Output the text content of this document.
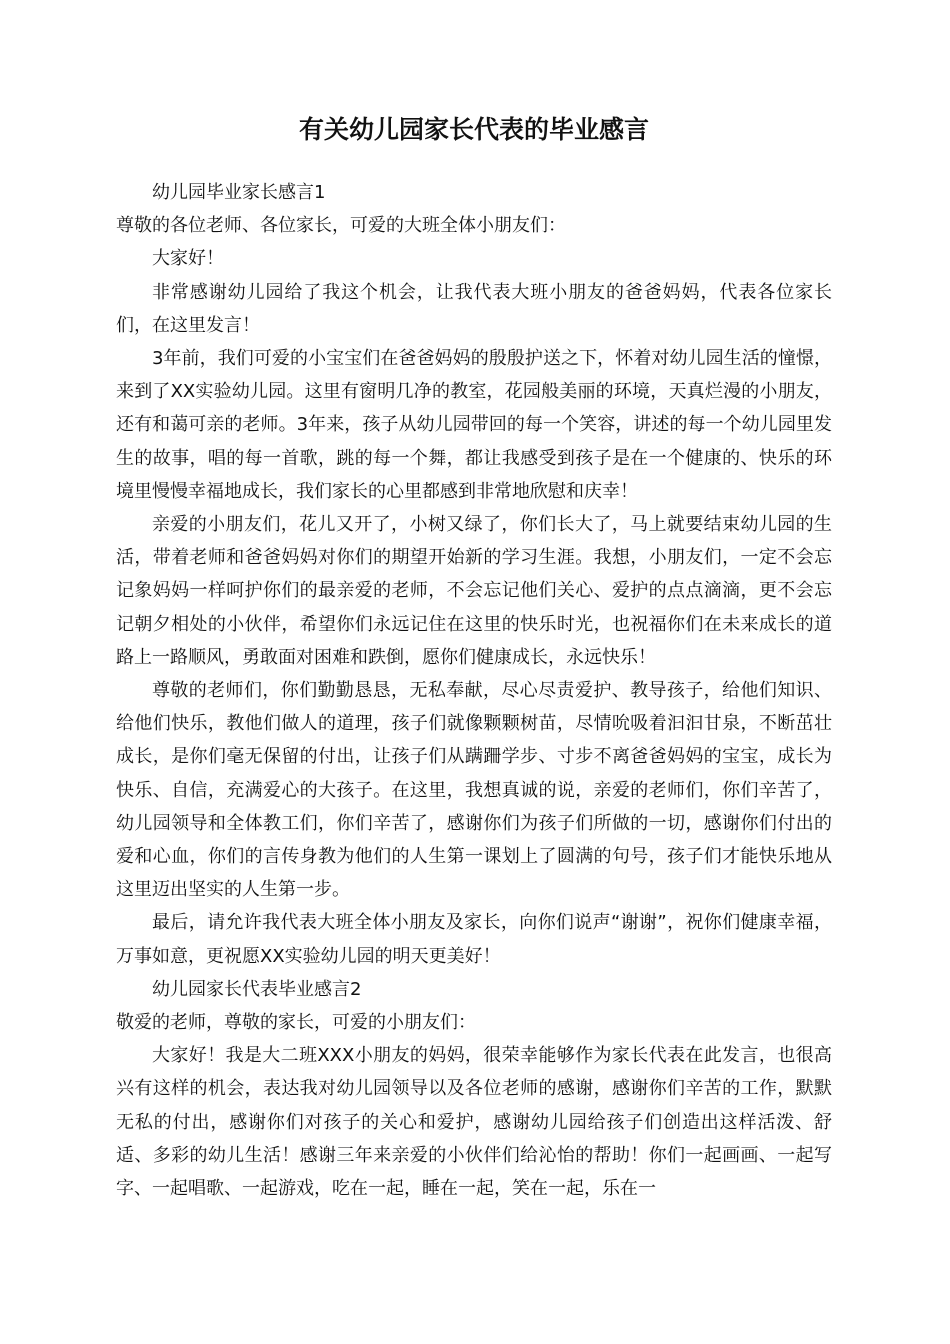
有关幼儿园家长代表的毕业感言

幼儿园毕业家长感言1

尊敬的各位老师、各位家长，可爱的大班全体小朋友们：

大家好！

非常感谢幼儿园给了我这个机会，让我代表大班小朋友的爸爸妈妈，代表各位家长们，在这里发言！

3年前，我们可爱的小宝宝们在爸爸妈妈的殷殷护送之下，怀着对幼儿园生活的憧憬，来到了XX实验幼儿园。这里有窗明几净的教室，花园般美丽的环境，天真烂漫的小朋友，还有和蔼可亲的老师。3年来，孩子从幼儿园带回的每一个笑容，讲述的每一个幼儿园里发生的故事，唱的每一首歌，跳的每一个舞，都让我感受到孩子是在一个健康的、快乐的环境里慢慢幸福地成长，我们家长的心里都感到非常地欣慰和庆幸！

亲爱的小朋友们，花儿又开了，小树又绿了，你们长大了，马上就要结束幼儿园的生活，带着老师和爸爸妈妈对你们的期望开始新的学习生涯。我想，小朋友们，一定不会忘记象妈妈一样呵护你们的最亲爱的老师，不会忘记他们关心、爱护的点点滴滴，更不会忘记朝夕相处的小伙伴，希望你们永远记住在这里的快乐时光，也祝福你们在未来成长的道路上一路顺风，勇敢面对困难和跌倒，愿你们健康成长，永远快乐！

尊敬的老师们，你们勤勤恳恳，无私奉献，尽心尽责爱护、教导孩子，给他们知识、给他们快乐，教他们做人的道理，孩子们就像颗颗树苗，尽情吮吸着汩汩甘泉，不断茁壮成长，是你们毫无保留的付出，让孩子们从蹒跚学步、寸步不离爸爸妈妈的宝宝，成长为快乐、自信，充满爱心的大孩子。在这里，我想真诚的说，亲爱的老师们，你们辛苦了，幼儿园领导和全体教工们，你们辛苦了，感谢你们为孩子们所做的一切，感谢你们付出的爱和心血，你们的言传身教为他们的人生第一课划上了圆满的句号，孩子们才能快乐地从这里迈出坚实的人生第一步。

最后，请允许我代表大班全体小朋友及家长，向你们说声“谢谢”，祝你们健康幸福，万事如意，更祝愿XX实验幼儿园的明天更美好！

幼儿园家长代表毕业感言2

敬爱的老师，尊敬的家长，可爱的小朋友们：

大家好！我是大二班XXX小朋友的妈妈，很荣幸能够作为家长代表在此发言，也很高兴有这样的机会，表达我对幼儿园领导以及各位老师的感谢，感谢你们辛苦的工作，默默无私的付出，感谢你们对孩子的关心和爱护，感谢幼儿园给孩子们创造出这样活泼、舒适、多彩的幼儿生活！感谢三年来亲爱的小伙伴们给沁怡的帮助！你们一起画画、一起写字、一起唱歌、一起游戏，吃在一起，睡在一起，笑在一起，乐在一
